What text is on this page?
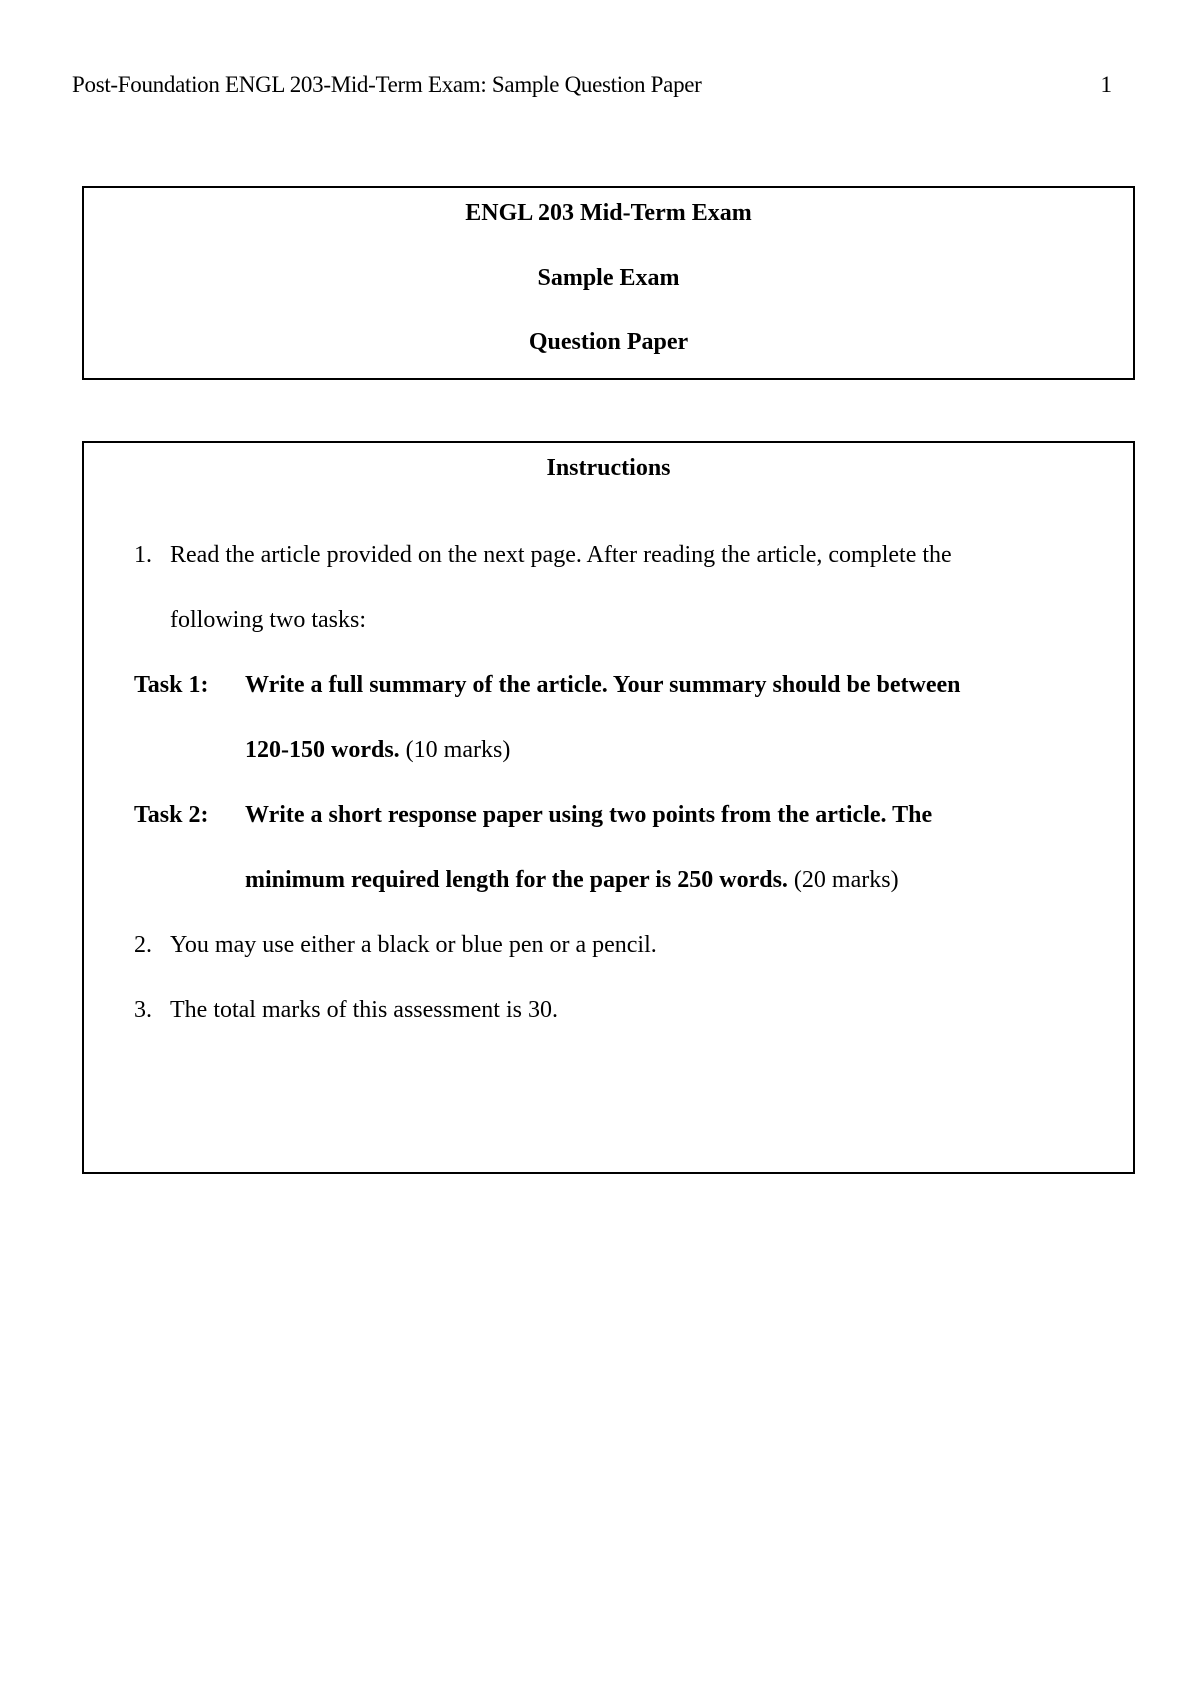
Post-Foundation ENGL 203-Mid-Term Exam: Sample Question Paper	1
ENGL 203 Mid-Term Exam
Sample Exam
Question Paper
Instructions
1. Read the article provided on the next page. After reading the article, complete the
following two tasks:
Task 1: Write a full summary of the article. Your summary should be between
120-150 words. (10 marks)
Task 2: Write a short response paper using two points from the article. The
minimum required length for the paper is 250 words. (20 marks)
2. You may use either a black or blue pen or a pencil.
3. The total marks of this assessment is 30.
